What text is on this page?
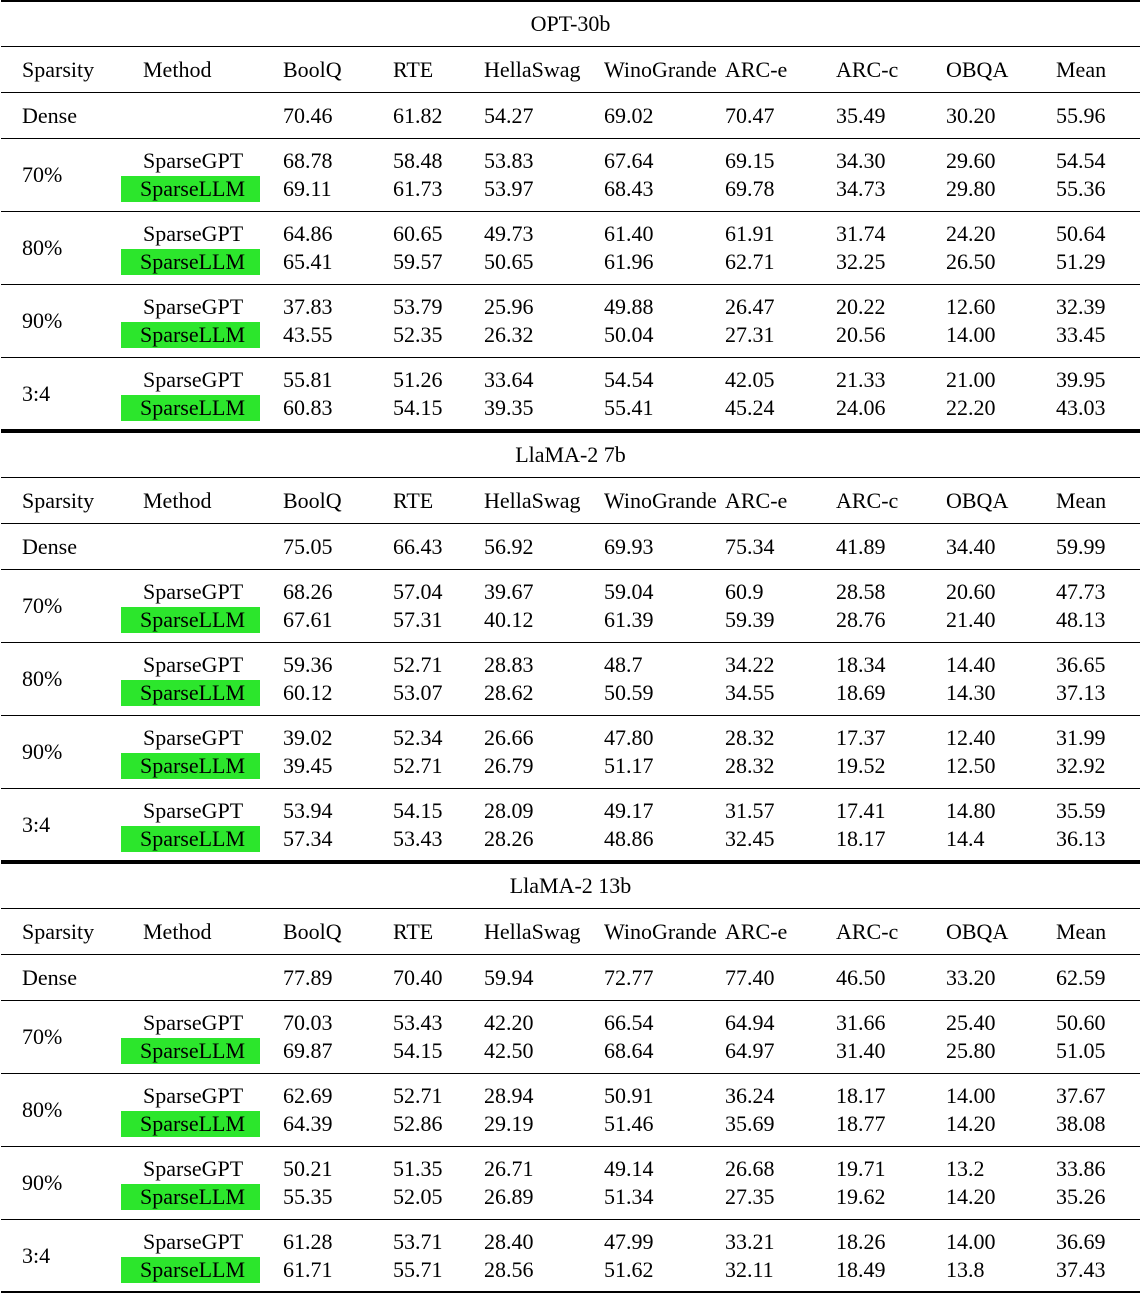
OPT-30b
Sparsity Method	BoolQ RTE HellaSwag WinoGrande ARC-e ARC-c OBQA Mean
Dense	70.46	61.82 54.27	69.02	70.47	35.49	30.20	55.96
70%
SparseGPT 68.78	58.48 53.83	67.64	69.15	34.30	29.60	54.54
SparseLLM	69.11	61.73 53.97	68.43	69.78	34.73	29.80	55.36
80%
SparseGPT 64.86	60.65 49.73	61.40	61.91	31.74	24.20	50.64
SparseLLM	65.41	59.57 50.65	61.96	62.71	32.25	26.50	51.29
90%
SparseGPT 37.83	53.79 25.96	49.88	26.47	20.22	12.60	32.39
SparseLLM	43.55	52.35 26.32	50.04	27.31	20.56	14.00	33.45
3:4
SparseGPT 55.81	51.26 33.64	54.54	42.05	21.33	21.00	39.95
SparseLLM	60.83	54.15 39.35	55.41	45.24	24.06	22.20	43.03
LlaMA-2 7b
Sparsity Method	BoolQ RTE HellaSwag WinoGrande ARC-e ARC-c OBQA Mean
Dense	75.05	66.43 56.92	69.93	75.34	41.89	34.40	59.99
70%
SparseGPT 68.26	57.04 39.67	59.04	60.9	28.58	20.60	47.73
SparseLLM	67.61	57.31 40.12	61.39	59.39	28.76	21.40	48.13
80%
SparseGPT 59.36	52.71 28.83	48.7	34.22	18.34	14.40	36.65
SparseLLM	60.12	53.07 28.62	50.59	34.55	18.69	14.30	37.13
90%
SparseGPT 39.02	52.34 26.66	47.80	28.32	17.37	12.40	31.99
SparseLLM	39.45	52.71 26.79	51.17	28.32	19.52	12.50	32.92
3:4
SparseGPT 53.94	54.15 28.09	49.17	31.57	17.41	14.80	35.59
SparseLLM	57.34	53.43 28.26	48.86	32.45	18.17	14.4	36.13
LlaMA-2 13b
Sparsity Method	BoolQ RTE HellaSwag WinoGrande ARC-e ARC-c OBQA Mean
Dense	77.89	70.40 59.94	72.77	77.40	46.50	33.20	62.59
70%
SparseGPT 70.03	53.43 42.20	66.54	64.94	31.66	25.40	50.60
SparseLLM	69.87	54.15 42.50	68.64	64.97	31.40	25.80	51.05
80%
SparseGPT 62.69	52.71 28.94	50.91	36.24	18.17	14.00	37.67
SparseLLM	64.39	52.86 29.19	51.46	35.69	18.77	14.20	38.08
90%
SparseGPT 50.21	51.35 26.71	49.14	26.68	19.71	13.2	33.86
SparseLLM	55.35	52.05 26.89	51.34	27.35	19.62	14.20	35.26
3:4
SparseGPT 61.28	53.71 28.40	47.99	33.21	18.26	14.00	36.69
SparseLLM	61.71	55.71 28.56	51.62	32.11	18.49	13.8	37.43
